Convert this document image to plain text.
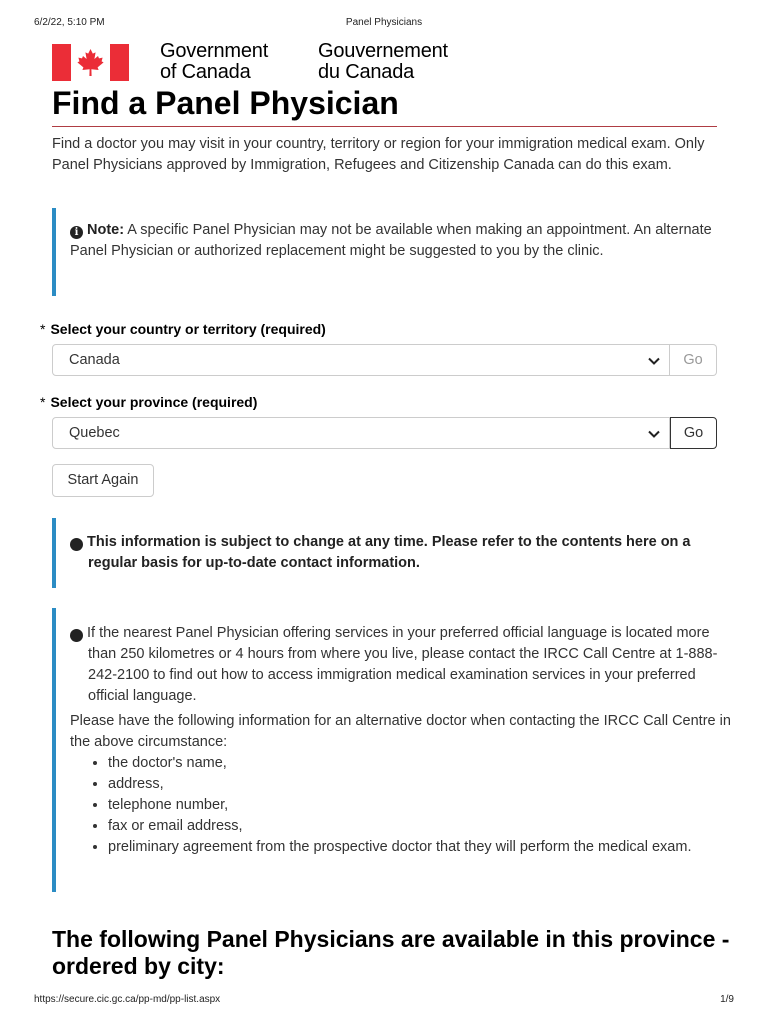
6/2/22, 5:10 PM	Panel Physicians
Government
of Canada
Gouvernement
du Canada
Find a Panel Physician

Find a doctor you may visit in your country, territory or region for your immigration medical exam. Only Panel Physicians approved by Immigration, Refugees and Citizenship Canada can do this exam.

i Note: A specific Panel Physician may not be available when making an appointment. An alternate Panel Physician or authorized replacement might be suggested to you by the clinic.
* Select your country or territory (required)
Canada	Go
* Select your province (required)
Quebec	Go
Start Again
i This information is subject to change at any time. Please refer to the contents here on a regular basis for up-to-date contact information.

i If the nearest Panel Physician offering services in your preferred official language is located more than 250 kilometres or 4 hours from where you live, please contact the IRCC Call Centre at 1-888-242-2100 to find out how to access immigration medical examination services in your preferred official language.

Please have the following information for an alternative doctor when contacting the IRCC Call Centre in the above circumstance:

• the doctor's name,
• address,
• telephone number,
• fax or email address,
• preliminary agreement from the prospective doctor that they will perform the medical exam.
The following Panel Physicians are available in this province - ordered by city:
https://secure.cic.gc.ca/pp-md/pp-list.aspx	1/9
